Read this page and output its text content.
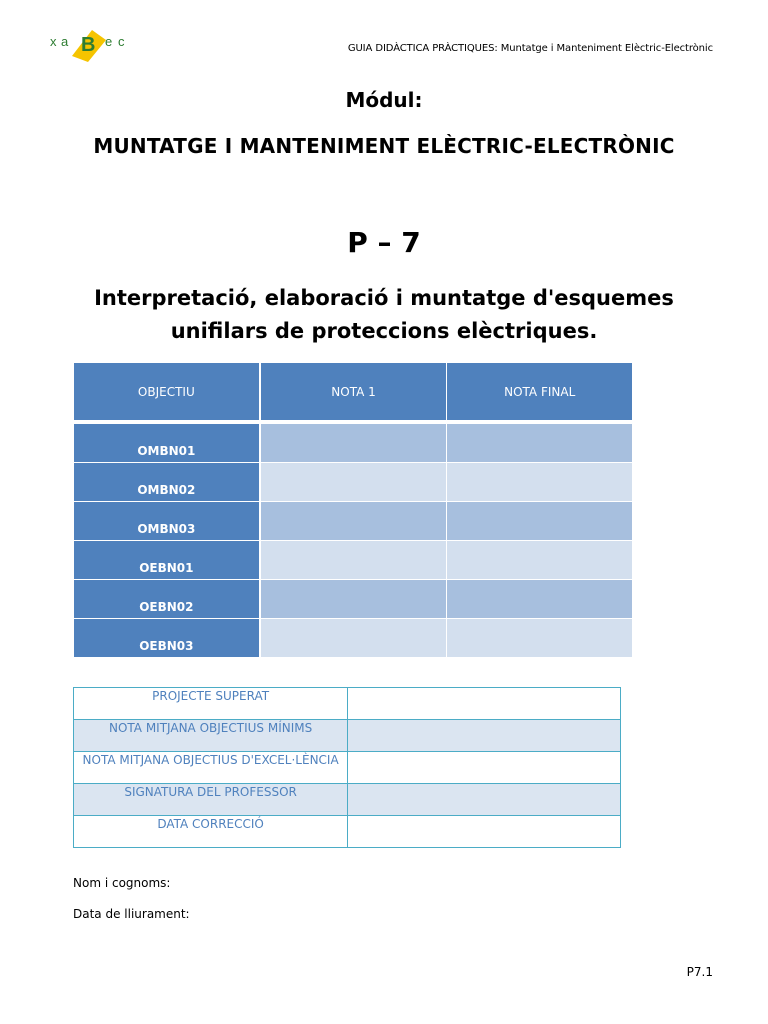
x a B e c	GUIA DIDÀCTICA PRÀCTIQUES: Muntatge i Manteniment Elèctric-Electrònic
Módul:
MUNTATGE I MANTENIMENT ELÈCTRIC-ELECTRÒNIC
P – 7
Interpretació, elaboració i muntatge d'esquemes unifilars de proteccions elèctriques.
OBJECTIU	NOTA 1	NOTA FINAL
OMBN01
OMBN02
OMBN03
OEBN01
OEBN02
OEBN03
PROJECTE SUPERAT	
NOTA MITJANA OBJECTIUS MÍNIMS	
NOTA MITJANA OBJECTIUS D'EXCEL·LÈNCIA	
SIGNATURA DEL PROFESSOR	
DATA CORRECCIÓ	
Nom i cognoms:
Data de lliurament:
P7.1
